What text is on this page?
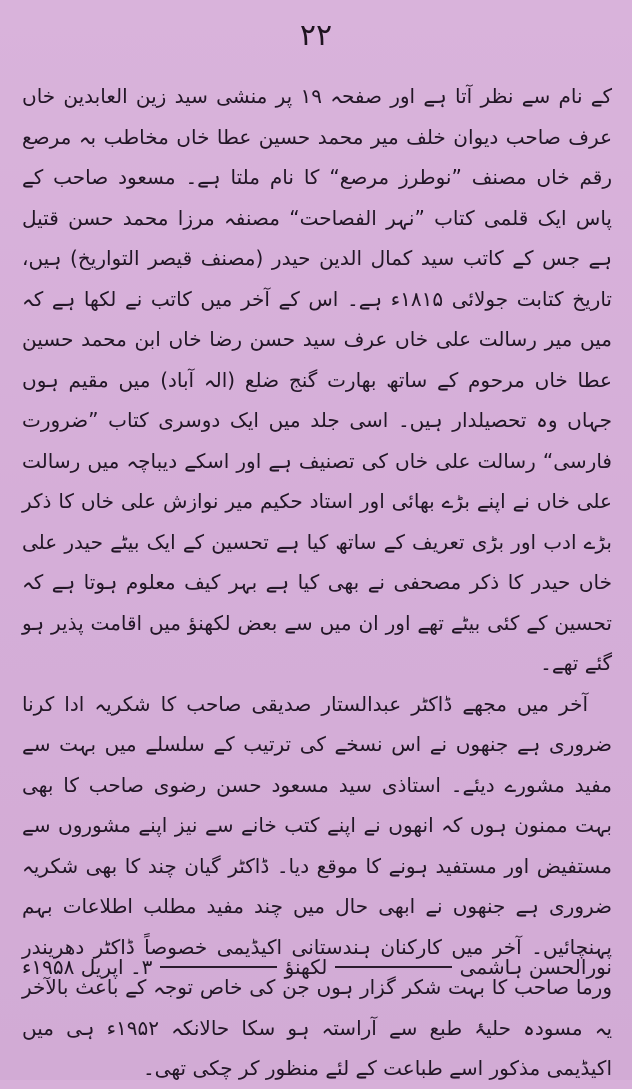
۲۲

کے نام سے نظر آتا ہے اور صفحہ ۱۹ پر منشی سید زین العابدین خاں عرف صاحب دیوان خلف میر محمد حسین عطا خاں مخاطب بہ مرصع رقم خاں مصنف ”نوطرز مرصع“ کا نام ملتا ہے۔ مسعود صاحب کے پاس ایک قلمی کتاب ”نہر الفصاحت“ مصنفہ مرزا محمد حسن قتیل ہے جس کے کاتب سید کمال الدین حیدر (مصنف قیصر التواریخ) ہیں، تاریخ کتابت جولائی ۱۸۱۵ء ہے۔ اس کے آخر میں کاتب نے لکھا ہے کہ میں میر رسالت علی خاں عرف سید حسن رضا خاں ابن محمد حسین عطا خاں مرحوم کے ساتھ بھارت گنج ضلع (الہ آباد) میں مقیم ہوں جہاں وہ تحصیلدار ہیں۔ اسی جلد میں ایک دوسری کتاب ”ضرورت فارسی“ رسالت علی خاں کی تصنیف ہے اور اسکے دیباچہ میں رسالت علی خاں نے اپنے بڑے بھائی اور استاد حکیم میر نوازش علی خاں کا ذکر بڑے ادب اور بڑی تعریف کے ساتھ کیا ہے تحسین کے ایک بیٹے حیدر علی خاں حیدر کا ذکر مصحفی نے بھی کیا ہے بہر کیف معلوم ہوتا ہے کہ تحسین کے کئی بیٹے تھے اور ان میں سے بعض لکھنؤ میں اقامت پذیر ہو گئے تھے۔

آخر میں مجھے ڈاکٹر عبدالستار صدیقی صاحب کا شکریہ ادا کرنا ضروری ہے جنھوں نے اس نسخے کی ترتیب کے سلسلے میں بہت سے مفید مشورے دیئے۔ استاذی سید مسعود حسن رضوی صاحب کا بھی بہت ممنون ہوں کہ انھوں نے اپنے کتب خانے سے نیز اپنے مشوروں سے مستفیض اور مستفید ہونے کا موقع دیا۔ ڈاکٹر گیان چند کا بھی شکریہ ضروری ہے جنھوں نے ابھی حال میں چند مفید مطلب اطلاعات بہم پہنچائیں۔ آخر میں کارکنان ہندستانی اکیڈیمی خصوصاً ڈاکٹر دھریندر ورما صاحب کا بہت شکر گزار ہوں جن کی خاص توجہ کے باعث بالآخر یہ مسودہ حلیۂ طبع سے آراستہ ہو سکا حالانکہ ۱۹۵۲ء ہی میں اکیڈیمی مذکور اسے طباعت کے لئے منظور کر چکی تھی۔

نورالحسن ہاشمی
لکھنؤ
۳۔ اپریل ۱۹۵۸ء
